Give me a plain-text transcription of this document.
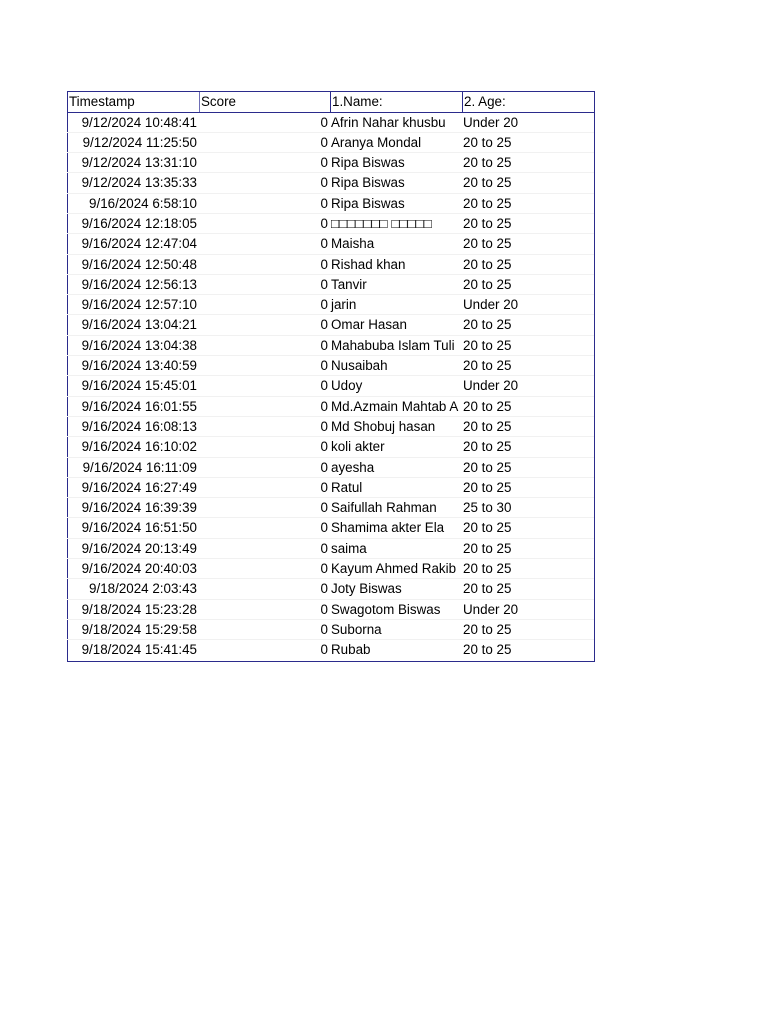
Timestamp	Score	1.Name:	2. Age:
9/12/2024 10:48:41	0 Afrin Nahar khusbu	Under 20
9/12/2024 11:25:50	0 Aranya Mondal	20 to 25
9/12/2024 13:31:10	0 Ripa Biswas	20 to 25
9/12/2024 13:35:33	0 Ripa Biswas	20 to 25
9/16/2024 6:58:10	0 Ripa Biswas	20 to 25
9/16/2024 12:18:05	0 □□□□□□□ □□□□□	20 to 25
9/16/2024 12:47:04	0 Maisha	20 to 25
9/16/2024 12:50:48	0 Rishad khan	20 to 25
9/16/2024 12:56:13	0 Tanvir	20 to 25
9/16/2024 12:57:10	0 jarin	Under 20
9/16/2024 13:04:21	0 Omar Hasan	20 to 25
9/16/2024 13:04:38	0 Mahabuba Islam Tuli 20 to 25
9/16/2024 13:40:59	0 Nusaibah	20 to 25
9/16/2024 15:45:01	0 Udoy	Under 20
9/16/2024 16:01:55	0 Md.Azmain Mahtab A 20 to 25
9/16/2024 16:08:13	0 Md Shobuj hasan	20 to 25
9/16/2024 16:10:02	0 koli akter	20 to 25
9/16/2024 16:11:09	0 ayesha	20 to 25
9/16/2024 16:27:49	0 Ratul	20 to 25
9/16/2024 16:39:39	0 Saifullah Rahman	25 to 30
9/16/2024 16:51:50	0 Shamima akter Ela	20 to 25
9/16/2024 20:13:49	0 saima	20 to 25
9/16/2024 20:40:03	0 Kayum Ahmed Rakib 20 to 25
9/18/2024 2:03:43	0 Joty Biswas	20 to 25
9/18/2024 15:23:28	0 Swagotom Biswas	Under 20
9/18/2024 15:29:58	0 Suborna	20 to 25
9/18/2024 15:41:45	0 Rubab	20 to 25
